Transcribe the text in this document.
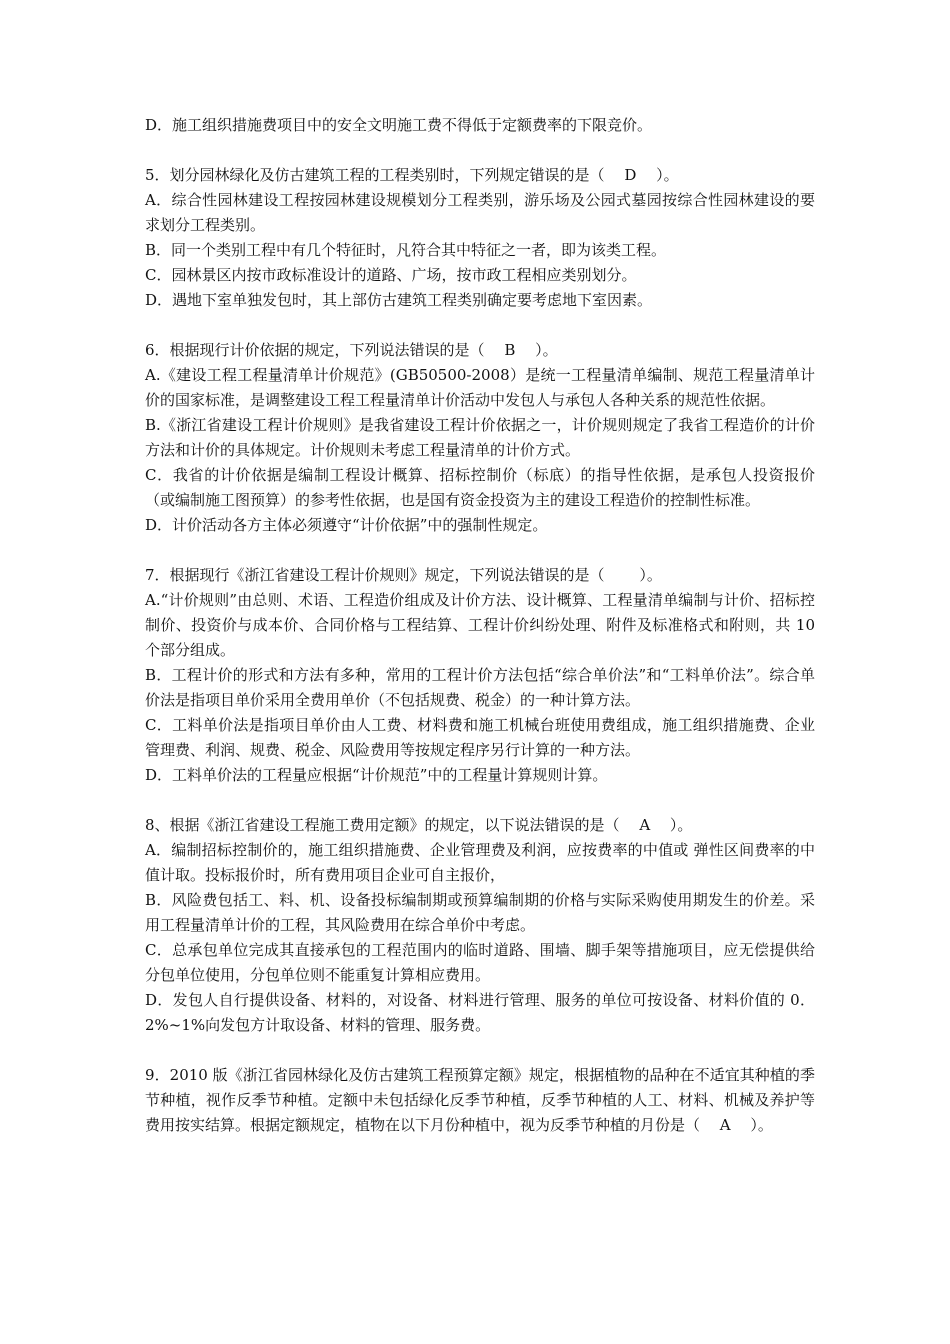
D．施工组织措施费项目中的安全文明施工费不得低于定额费率的下限竞价。

5．划分园林绿化及仿古建筑工程的工程类别时，下列规定错误的是（　 D　 ）。

A．综合性园林建设工程按园林建设规模划分工程类别，游乐场及公园式墓园按综合性园林建设的要求划分工程类别。

B．同一个类别工程中有几个特征时，凡符合其中特征之一者，即为该类工程。

C．园林景区内按市政标准设计的道路、广场，按市政工程相应类别划分。

D．遇地下室单独发包时，其上部仿古建筑工程类别确定要考虑地下室因素。

6．根据现行计价依据的规定，下列说法错误的是（　 B　 ）。

A.《建设工程工程量清单计价规范》(GB50500-2008）是统一工程量清单编制、规范工程量清单计价的国家标准，是调整建设工程工程量清单计价活动中发包人与承包人各种关系的规范性依据。

B.《浙江省建设工程计价规则》是我省建设工程计价依据之一，计价规则规定了我省工程造价的计价方法和计价的具体规定。计价规则未考虑工程量清单的计价方式。

C．我省的计价依据是编制工程设计概算、招标控制价（标底）的指导性依据，是承包人投资报价（或编制施工图预算）的参考性依据，也是国有资金投资为主的建设工程造价的控制性标准。

D．计价活动各方主体必须遵守“计价依据”中的强制性规定。

7．根据现行《浙江省建设工程计价规则》规定，下列说法错误的是（　　 ）。

A.“计价规则”由总则、术语、工程造价组成及计价方法、设计概算、工程量清单编制与计价、招标控制价、投资价与成本价、合同价格与工程结算、工程计价纠纷处理、附件及标准格式和附则，共 10 个部分组成。

B．工程计价的形式和方法有多种，常用的工程计价方法包括“综合单价法”和“工料单价法”。综合单价法是指项目单价采用全费用单价（不包括规费、税金）的一种计算方法。

C．工料单价法是指项目单价由人工费、材料费和施工机械台班使用费组成，施工组织措施费、企业管理费、利润、规费、税金、风险费用等按规定程序另行计算的一种方法。

D．工料单价法的工程量应根据“计价规范”中的工程量计算规则计算。

8、根据《浙江省建设工程施工费用定额》的规定，以下说法错误的是（　 A　 ）。

A．编制招标控制价的，施工组织措施费、企业管理费及利润，应按费率的中值或 弹性区间费率的中值计取。投标报价时，所有费用项目企业可自主报价，

B．风险费包括工、料、机、设备投标编制期或预算编制期的价格与实际采购使用期发生的价差。采用工程量清单计价的工程，其风险费用在综合单价中考虑。

C．总承包单位完成其直接承包的工程范围内的临时道路、围墙、脚手架等措施项目，应无偿提供给分包单位使用，分包单位则不能重复计算相应费用。

D．发包人自行提供设备、材料的，对设备、材料进行管理、服务的单位可按设备、材料价值的 0．2%~1%向发包方计取设备、材料的管理、服务费。

9．2010 版《浙江省园林绿化及仿古建筑工程预算定额》规定，根据植物的品种在不适宜其种植的季节种植，视作反季节种植。定额中未包括绿化反季节种植，反季节种植的人工、材料、机械及养护等费用按实结算。根据定额规定，植物在以下月份种植中，视为反季节种植的月份是（　 A　 ）。
